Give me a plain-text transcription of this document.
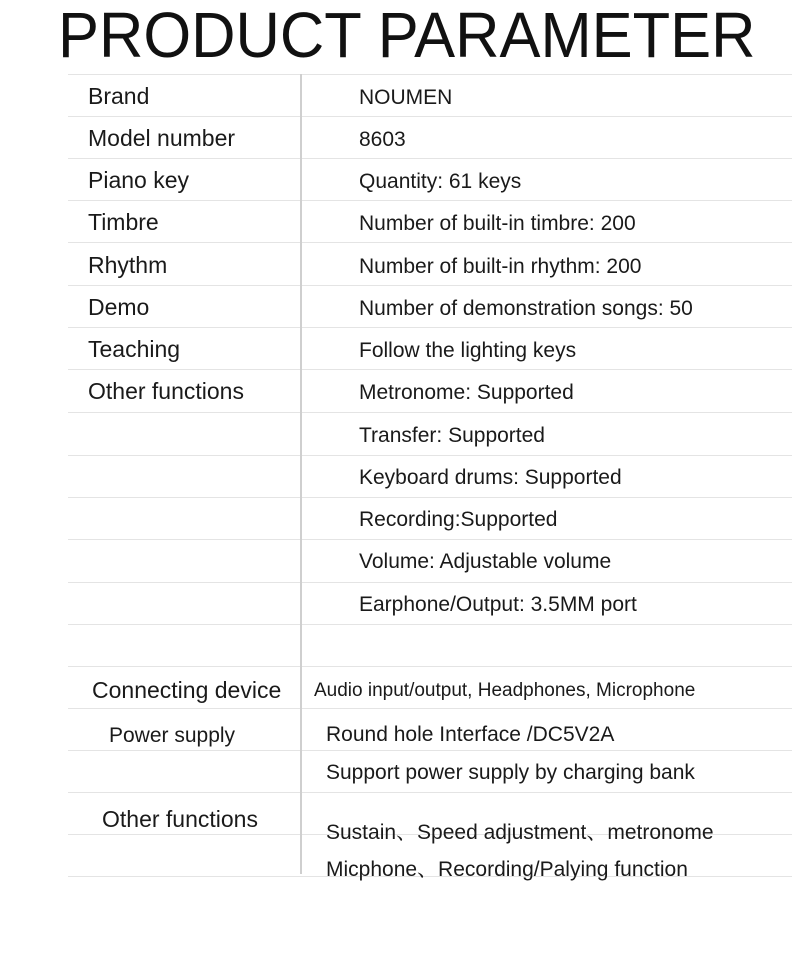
PRODUCT PARAMETER
Brand
Model number
Piano key
Timbre
Rhythm
Demo
Teaching
Other functions
NOUMEN
8603
Quantity: 61 keys
Number of built-in timbre: 200
Number of built-in rhythm: 200
Number of demonstration songs: 50
Follow the lighting keys
Metronome: Supported
Transfer: Supported
Keyboard drums: Supported
Recording:Supported
Volume: Adjustable volume
Earphone/Output: 3.5MM port
Connecting device Audio input/output, Headphones, Microphone
Power supply	Round hole Interface /DC5V2A
Support power supply by charging bank
Other functions
Sustain、Speed adjustment、metronome
Micphone、Recording/Palying function
